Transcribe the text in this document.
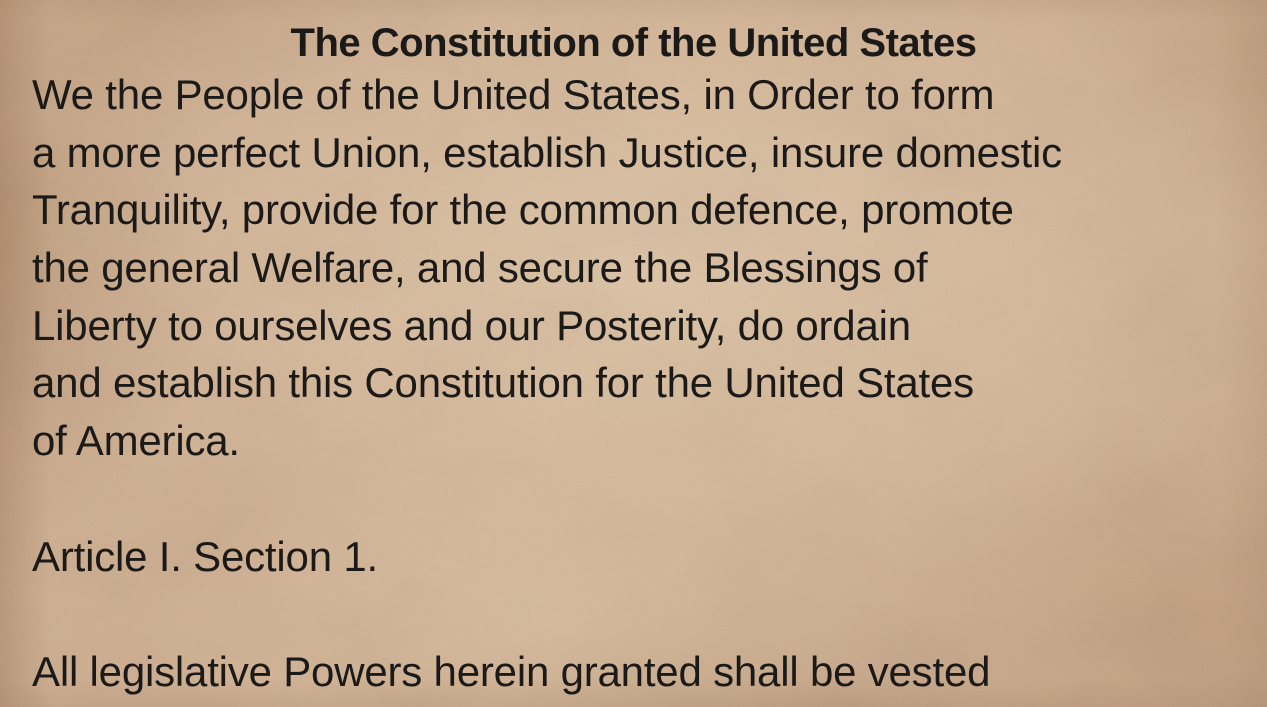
The Constitution of the United States
We the People of the United States, in Order to form
a more perfect Union, establish Justice, insure domestic
Tranquility, provide for the common defence, promote
the general Welfare, and secure the Blessings of
Liberty to ourselves and our Posterity, do ordain
and establish this Constitution for the United States
of America.
Article I. Section 1.
All legislative Powers herein granted shall be vested
